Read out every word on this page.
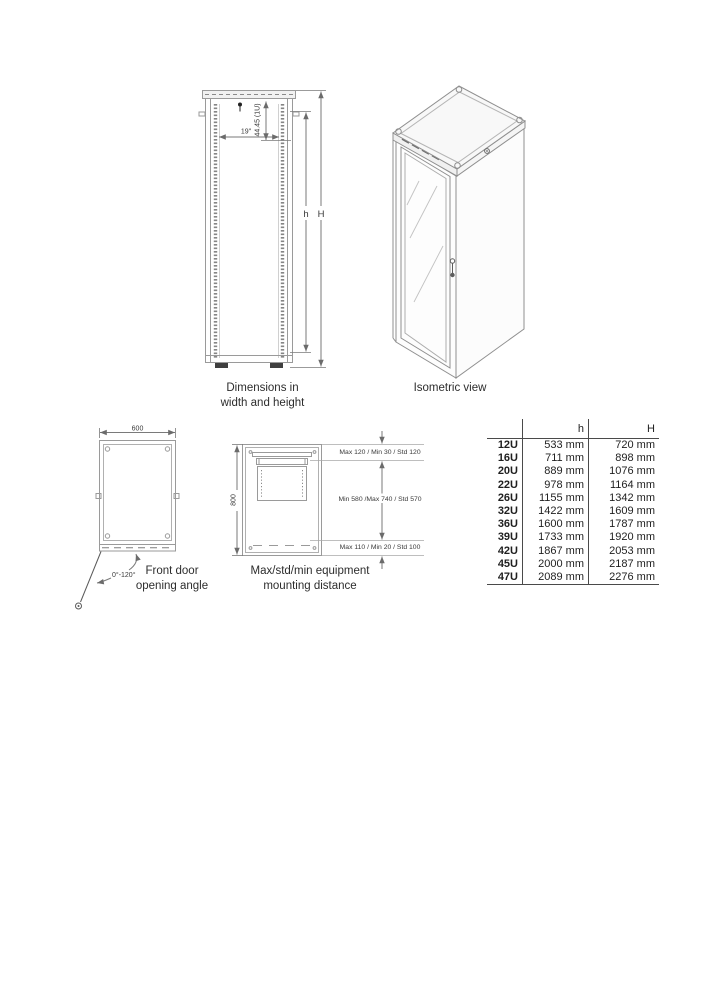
19" 44.45 (1U)
h H
600
0°-120°
800
Max 120 / Min 30 / Std 120
Min 580 /Max 740 / Std 570
Max 110 / Min 20 / Std 100
Dimensions in
width and height
Isometric view
Front door
opening angle
Max/std/min equipment
mounting distance
	h	H
12U	533 mm	720 mm
16U	711 mm	898 mm
20U	889 mm	1076 mm
22U	978 mm	1164 mm
26U	1155 mm	1342 mm
32U	1422 mm	1609 mm
36U	1600 mm	1787 mm
39U	1733 mm	1920 mm
42U	1867 mm	2053 mm
45U	2000 mm	2187 mm
47U	2089 mm	2276 mm
